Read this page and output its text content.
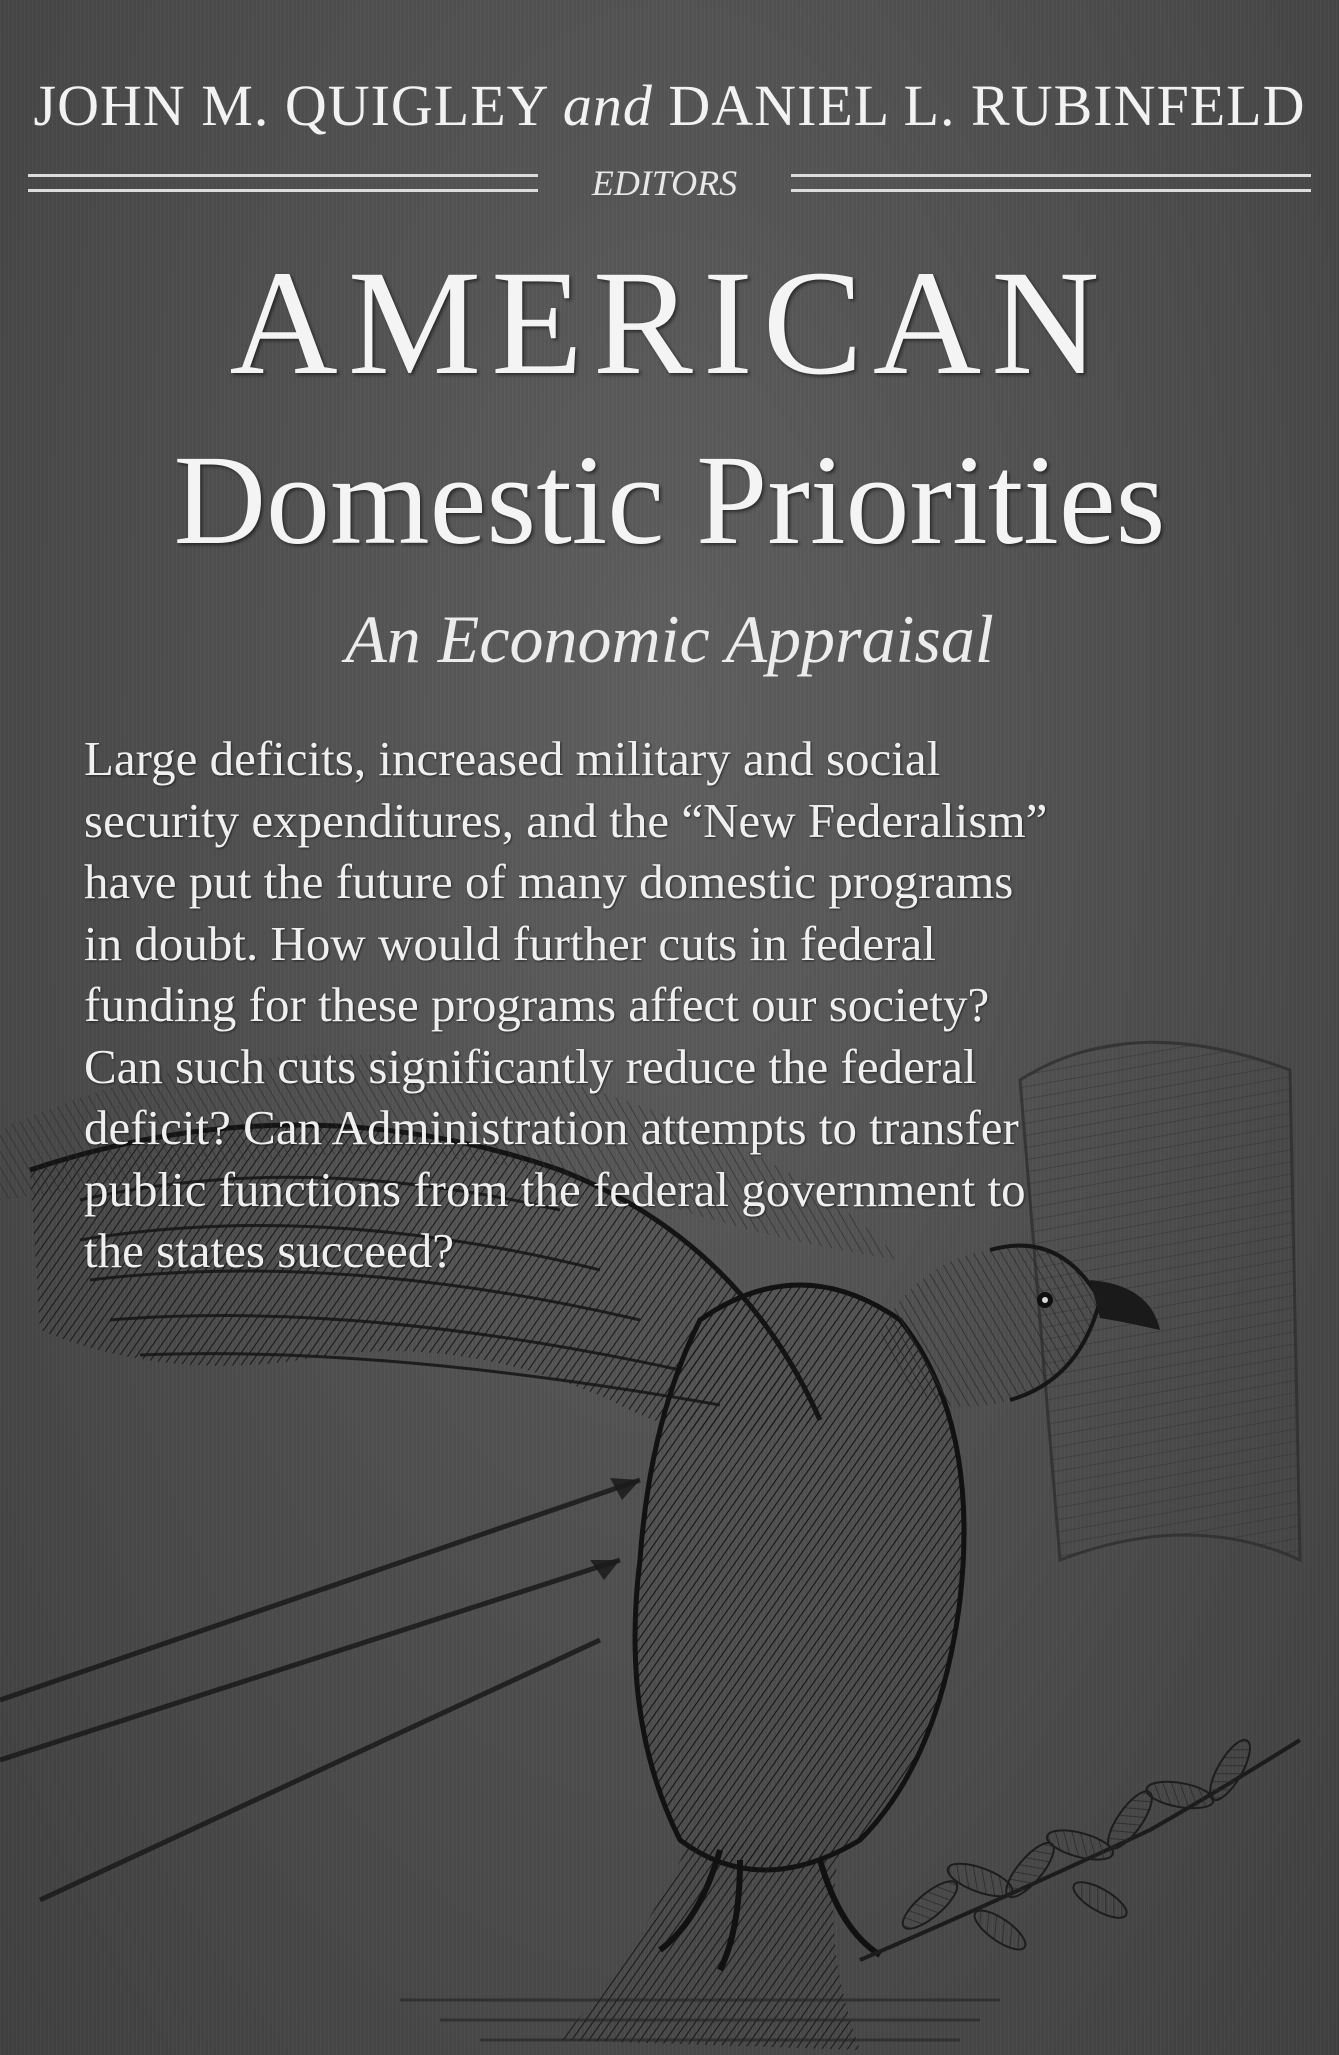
JOHN M. QUIGLEY and DANIEL L. RUBINFELD
EDITORS
AMERICAN
Domestic Priorities
An Economic Appraisal
Large deficits, increased military and social
security expenditures, and the “New Federalism”
have put the future of many domestic programs
in doubt. How would further cuts in federal
funding for these programs affect our society?
Can such cuts significantly reduce the federal
deficit? Can Administration attempts to transfer
public functions from the federal government to
the states succeed?
